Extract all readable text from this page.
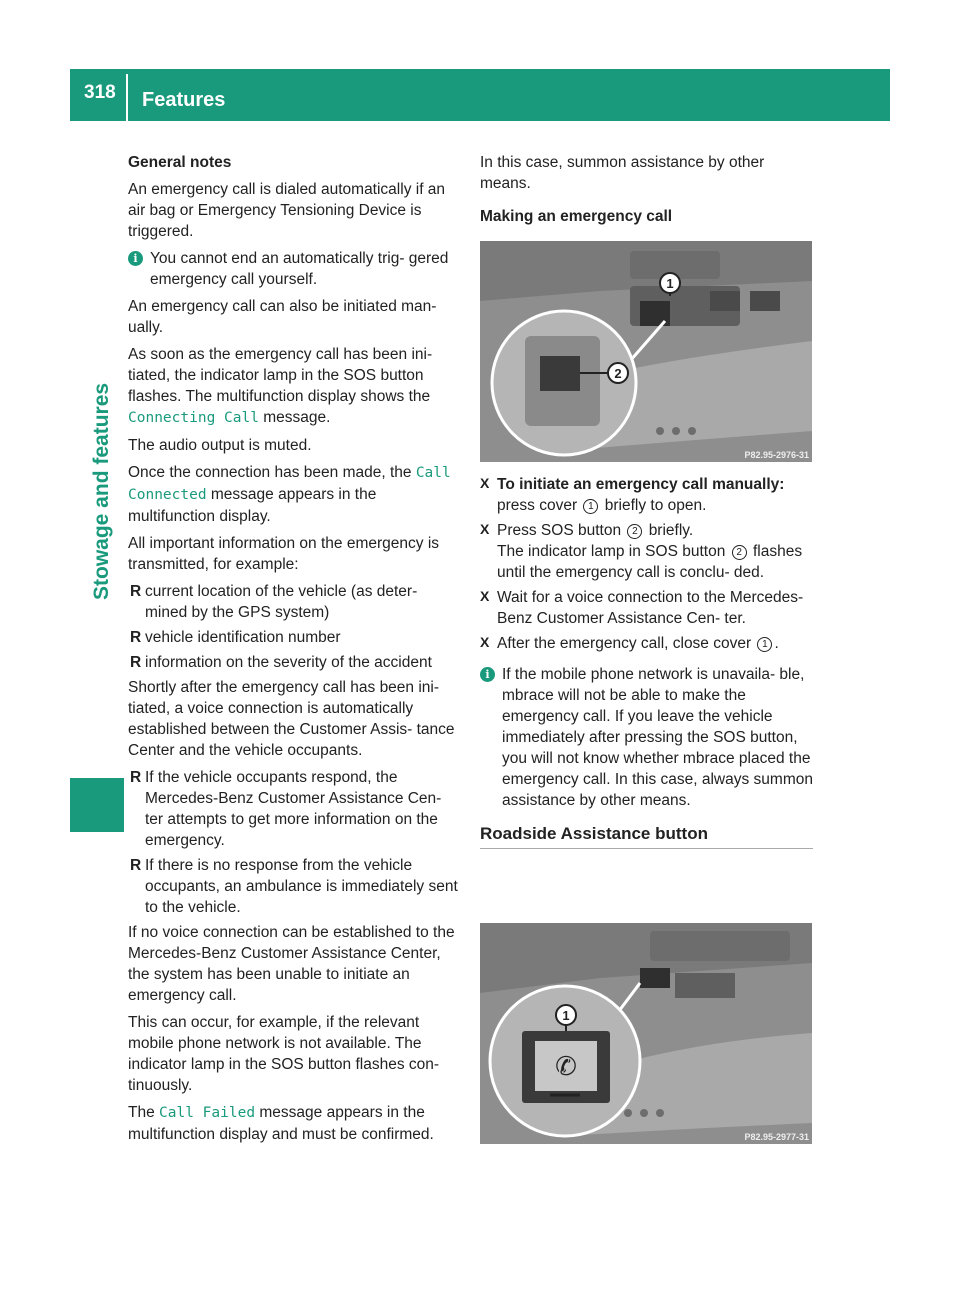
318 Features
Stowage and features
General notes

An emergency call is dialed automatically if an air bag or Emergency Tensioning Device is triggered.

i You cannot end an automatically trig- gered emergency call yourself.

An emergency call can also be initiated man- ually.

As soon as the emergency call has been ini- tiated, the indicator lamp in the SOS button flashes. The multifunction display shows the Connecting Call message.

The audio output is muted.

Once the connection has been made, the Call Connected message appears in the multifunction display.

All important information on the emergency is transmitted, for example:

R current location of the vehicle (as deter- mined by the GPS system)
R vehicle identification number
R information on the severity of the accident

Shortly after the emergency call has been ini- tiated, a voice connection is automatically established between the Customer Assis- tance Center and the vehicle occupants.

R If the vehicle occupants respond, the Mercedes-Benz Customer Assistance Cen- ter attempts to get more information on the emergency.
R If there is no response from the vehicle occupants, an ambulance is immediately sent to the vehicle.

If no voice connection can be established to the Mercedes-Benz Customer Assistance Center, the system has been unable to initiate an emergency call.

This can occur, for example, if the relevant mobile phone network is not available. The indicator lamp in the SOS button flashes con- tinuously.

The Call Failed message appears in the multifunction display and must be confirmed.

In this case, summon assistance by other means.

Making an emergency call
2
1
P82.95-2976-31
X To initiate an emergency call manually:
press cover 1 briefly to open.
X Press SOS button 2 briefly.
The indicator lamp in SOS button 2 flashes until the emergency call is conclu- ded.
X Wait for a voice connection to the Mercedes-Benz Customer Assistance Cen- ter.
X After the emergency call, close cover 1 .
i If the mobile phone network is unavaila- ble, mbrace will not be able to make the emergency call. If you leave the vehicle immediately after pressing the SOS button, you will not know whether mbrace placed the emergency call. In this case, always summon assistance by other means.
Roadside Assistance button
✆
1
P82.95-2977-31
